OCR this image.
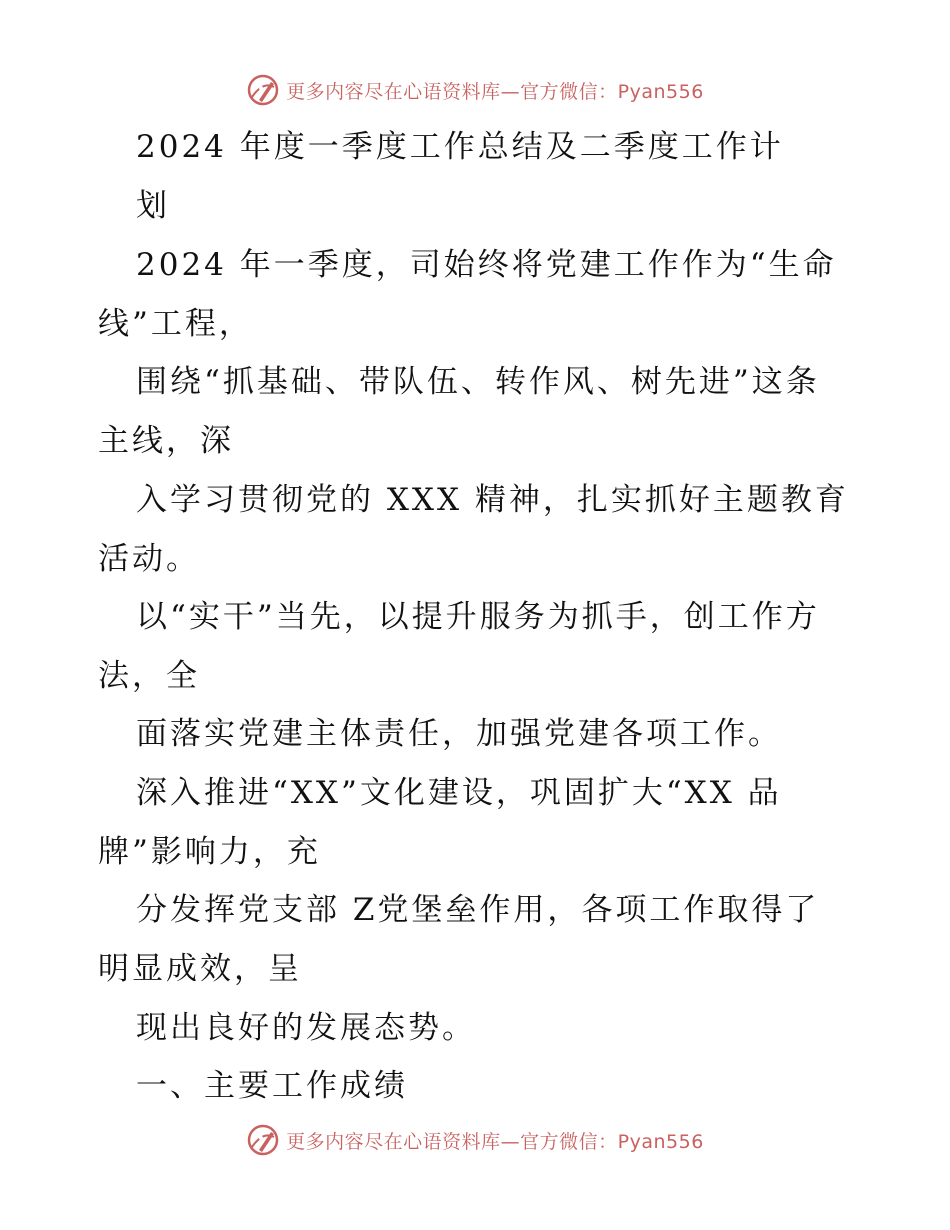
更多内容尽在心语资料库—官方微信：Pyan556
2024 年度一季度工作总结及二季度工作计
划
2024 年一季度，司始终将党建工作作为“生命
线”工程，
围绕“抓基础、带队伍、转作风、树先进”这条
主线，深
入学习贯彻党的 XXX 精神，扎实抓好主题教育
活动。
以“实干”当先，以提升服务为抓手，创工作方
法，全
面落实党建主体责任，加强党建各项工作。
深入推进“XX”文化建设，巩固扩大“XX 品
牌”影响力，充
分发挥党支部 Z党堡垒作用，各项工作取得了
明显成效，呈
现出良好的发展态势。
一、主要工作成绩
更多内容尽在心语资料库—官方微信：Pyan556
